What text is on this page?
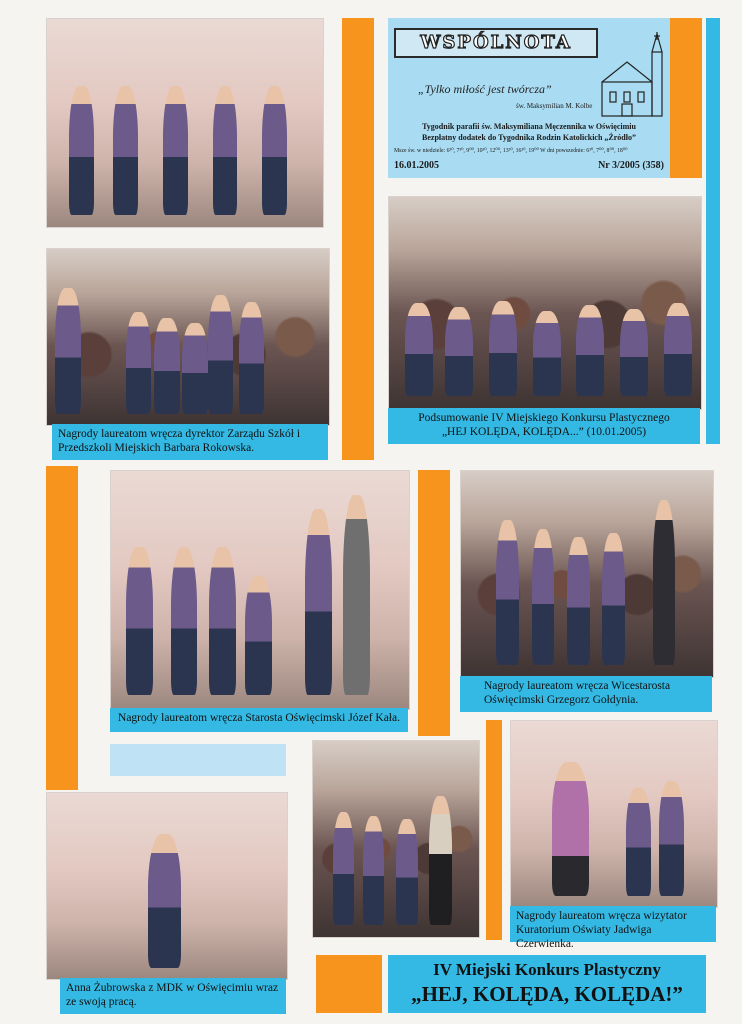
WSPÓLNOTA
„Tylko miłość jest twórcza”
św. Maksymilian M. Kolbe
Tygodnik parafii św. Maksymiliana Męczennika w Oświęcimiu
Bezpłatny dodatek do Tygodnika Rodzin Katolickich „Źródło”
Msze św. w niedziele: 6³⁰, 7³⁰, 9⁰⁰, 10³⁰, 12⁰⁰, 13³⁰, 16³⁰, 19⁰⁰ W dni powszednie: 6³⁰, 7⁰⁰, 8⁰⁰, 18⁰⁰
16.01.2005	Nr 3/2005 (358)
Nagrody laureatom wręcza dyrektor Zarządu Szkół i Przedszkoli Miejskich Barbara Rokowska.
Podsumowanie IV Miejskiego Konkursu Plastycznego
„HEJ KOLĘDA, KOLĘDA...” (10.01.2005)
Nagrody laureatom wręcza Starosta Oświęcimski Józef Kała.
Nagrody laureatom wręcza Wicestarosta Oświęcimski Grzegorz Gołdynia.
Anna Żubrowska z MDK w Oświęcimiu wraz ze swoją pracą.
Nagrody laureatom wręcza wizytator Kuratorium Oświaty Jadwiga Czerwienka.
IV Miejski Konkurs Plastyczny
„HEJ, KOLĘDA, KOLĘDA!”
